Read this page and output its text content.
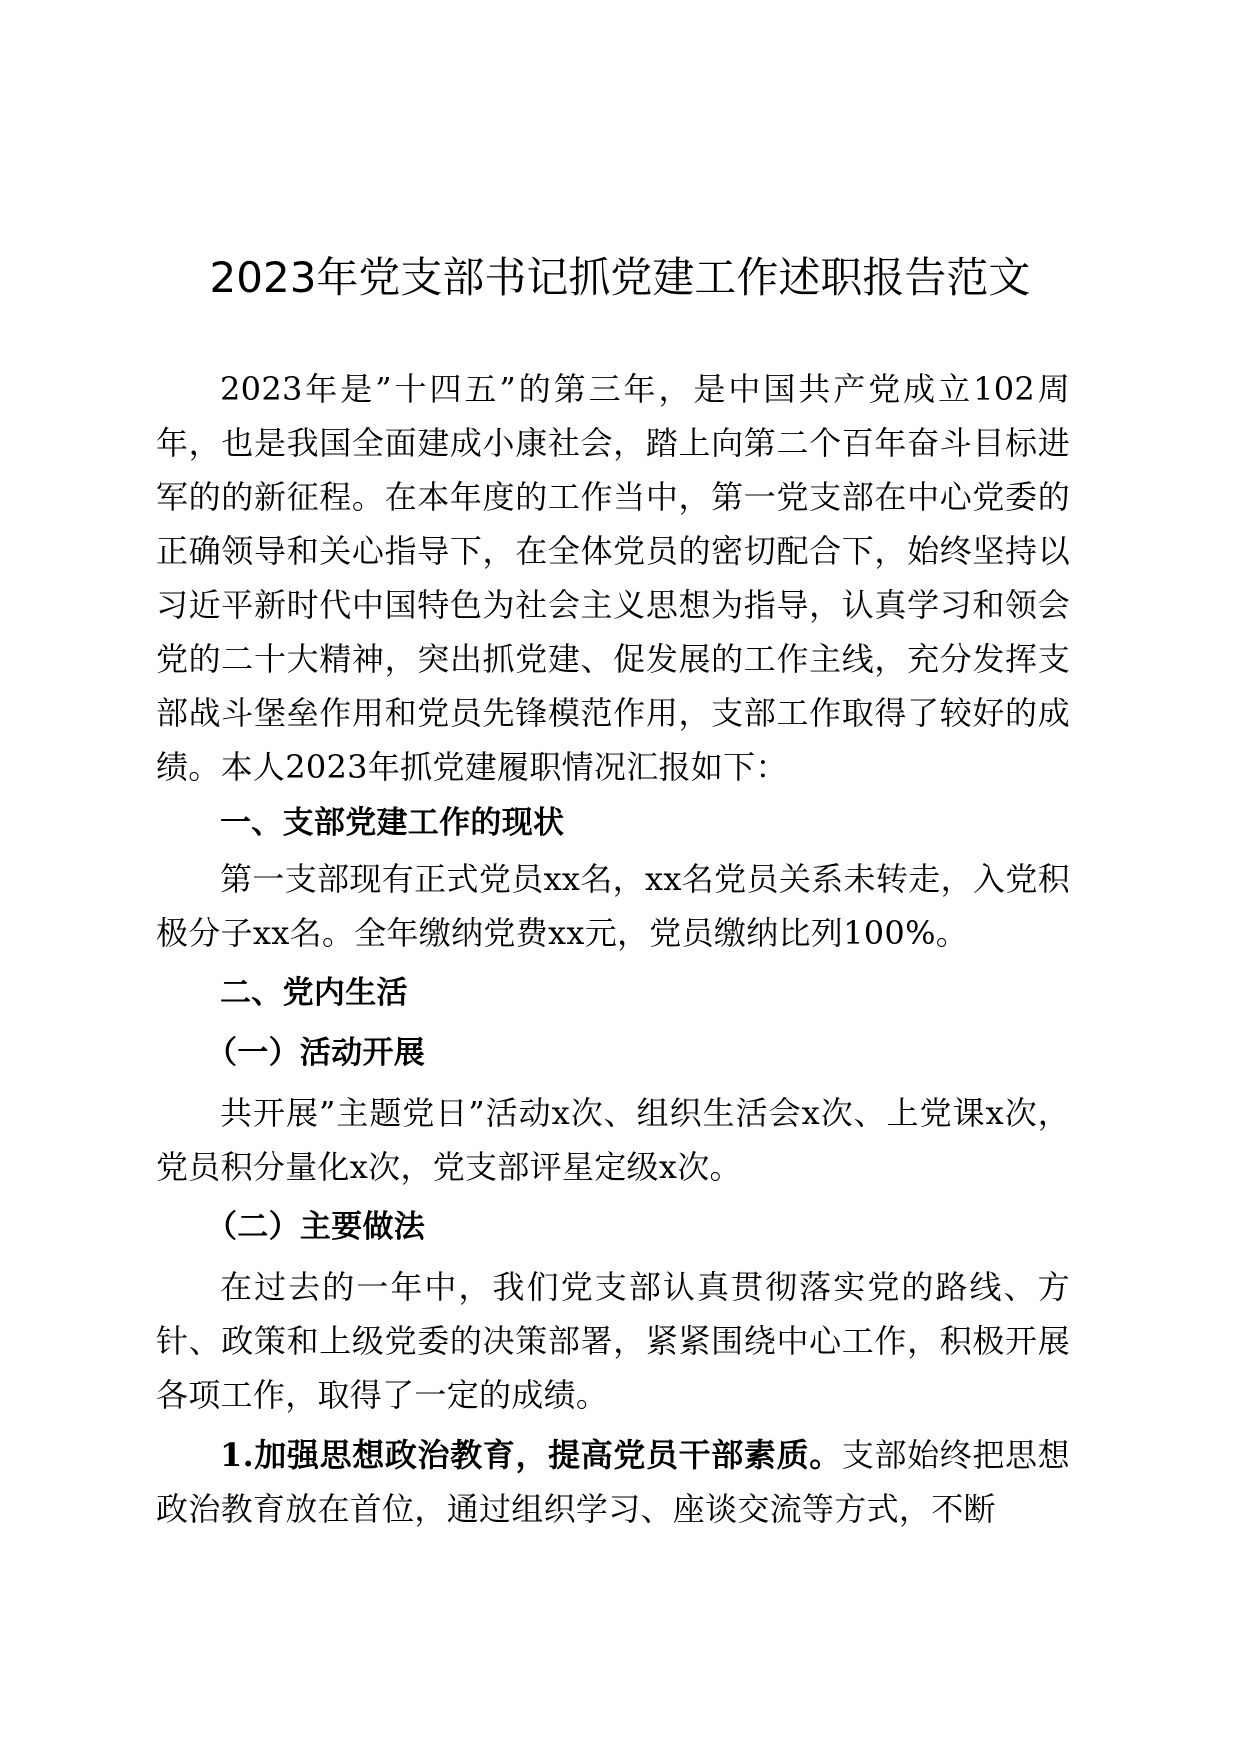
2023年党支部书记抓党建工作述职报告范文

2023年是”十四五”的第三年，是中国共产党成立102周年，也是我国全面建成小康社会，踏上向第二个百年奋斗目标进军的的新征程。在本年度的工作当中，第一党支部在中心党委的正确领导和关心指导下，在全体党员的密切配合下，始终坚持以习近平新时代中国特色为社会主义思想为指导，认真学习和领会党的二十大精神，突出抓党建、促发展的工作主线，充分发挥支部战斗堡垒作用和党员先锋模范作用，支部工作取得了较好的成绩。本人2023年抓党建履职情况汇报如下：

一、支部党建工作的现状

第一支部现有正式党员xx名，xx名党员关系未转走，入党积极分子xx名。全年缴纳党费xx元，党员缴纳比列100%。

二、党内生活

（一）活动开展

共开展”主题党日”活动x次、组织生活会x次、上党课x次，党员积分量化x次，党支部评星定级x次。

（二）主要做法

在过去的一年中，我们党支部认真贯彻落实党的路线、方针、政策和上级党委的决策部署，紧紧围绕中心工作，积极开展各项工作，取得了一定的成绩。

1.加强思想政治教育，提高党员干部素质。支部始终把思想政治教育放在首位，通过组织学习、座谈交流等方式，不断
